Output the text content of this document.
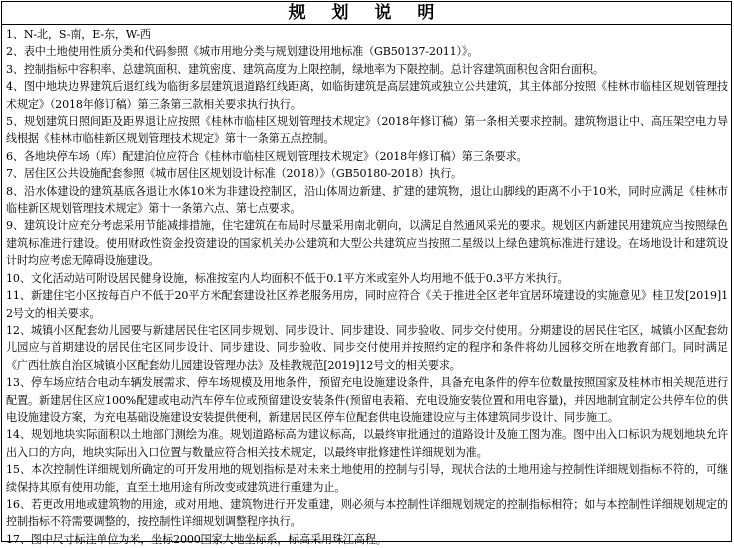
规 划 说 明

1、N-北，S-南，E-东，W-西

2、表中土地使用性质分类和代码参照《城市用地分类与规划建设用地标准（GB50137-2011）》。

3、控制指标中容积率、总建筑面积、建筑密度、建筑高度为上限控制，绿地率为下限控制。总计容建筑面积包含阳台面积。

4、图中地块边界建筑后退红线为临街多层建筑退道路红线距离，如临街建筑是高层建筑或独立公共建筑，其主体部分按照《桂林市临桂区规划管理技术规定》（2018年修订稿）第三条第三款相关要求执行执行。

5、规划建筑日照间距及距界退让应按照《桂林市临桂区规划管理技术规定》（2018年修订稿）第一条相关要求控制。建筑物退让中、高压架空电力导线根据《桂林市临桂新区规划管理技术规定》第十一条第五点控制。

6、各地块停车场（库）配建泊位应符合《桂林市临桂区规划管理技术规定》（2018年修订稿）第三条要求。

7、居住区公共设施配套参照《城市居住区规划设计标准（2018）》（GB50180-2018）执行。

8、沿水体建设的建筑基底各退让水体10米为非建设控制区，沿山体周边新建、扩建的建筑物，退让山脚线的距离不小于10米，同时应满足《桂林市临桂新区规划管理技术规定》第十一条第六点、第七点要求。

9、建筑设计应充分考虑采用节能减排措施，住宅建筑在布局时尽量采用南北朝向，以满足自然通风采光的要求。规划区内新建民用建筑应当按照绿色建筑标准进行建设。使用财政性资金投资建设的国家机关办公建筑和大型公共建筑应当按照二星级以上绿色建筑标准进行建设。在场地设计和建筑设计时均应考虑无障碍设施建设。

10、文化活动站可附设居民健身设施，标准按室内人均面积不低于0.1平方米或室外人均用地不低于0.3平方米执行。

11、新建住宅小区按每百户不低于20平方米配套建设社区养老服务用房，同时应符合《关于推进全区老年宜居环境建设的实施意见》桂卫发[2019]12号文的相关要求。

12、城镇小区配套幼儿园要与新建居民住宅区同步规划、同步设计、同步建设、同步验收、同步交付使用。分期建设的居民住宅区，城镇小区配套幼儿园应与首期建设的居民住宅区同步设计、同步建设、同步验收、同步交付使用并按照约定的程序和条件将幼儿园移交所在地教育部门。同时满足《广西壮族自治区城镇小区配套幼儿园建设管理办法》及桂教规范[2019]12号文的相关要求。

13、停车场应结合电动车辆发展需求、停车场规模及用地条件，预留充电设施建设条件，具备充电条件的停车位数量按照国家及桂林市相关规范进行配置。新建居住区应100%配建或电动汽车停车位或预留建设安装条件(预留电表箱、充电设施安装位置和用电容量)，并因地制宜制定公共停车位的供电设施建设方案，为充电基础设施建设安装提供便利，新建居民区停车位配套供电设施建设应与主体建筑同步设计、同步施工。

14、规划地块实际面积以土地部门测绘为准。规划道路标高为建议标高，以最终审批通过的道路设计及施工图为准。图中出入口标识为规划地块允许出入口的方向，地块实际出入口位置与数量应符合相关技术规定，以最终审批修建性详细规划为准。

15、本次控制性详细规划所确定的可开发用地的规划指标是对未来土地使用的控制与引导，现状合法的土地用途与控制性详细规划指标不符的，可继续保持其原有使用功能，直至土地用途有所改变或建筑进行重建为止。

16、若更改用地或建筑物的用途，或对用地、建筑物进行开发重建，则必须与本控制性详细规划规定的控制指标相符；如与本控制性详细规划规定的控制指标不符需要调整的，按控制性详细规划调整程序执行。

17、图中尺寸标注单位为米，坐标2000国家大地坐标系，标高采用珠江高程。
